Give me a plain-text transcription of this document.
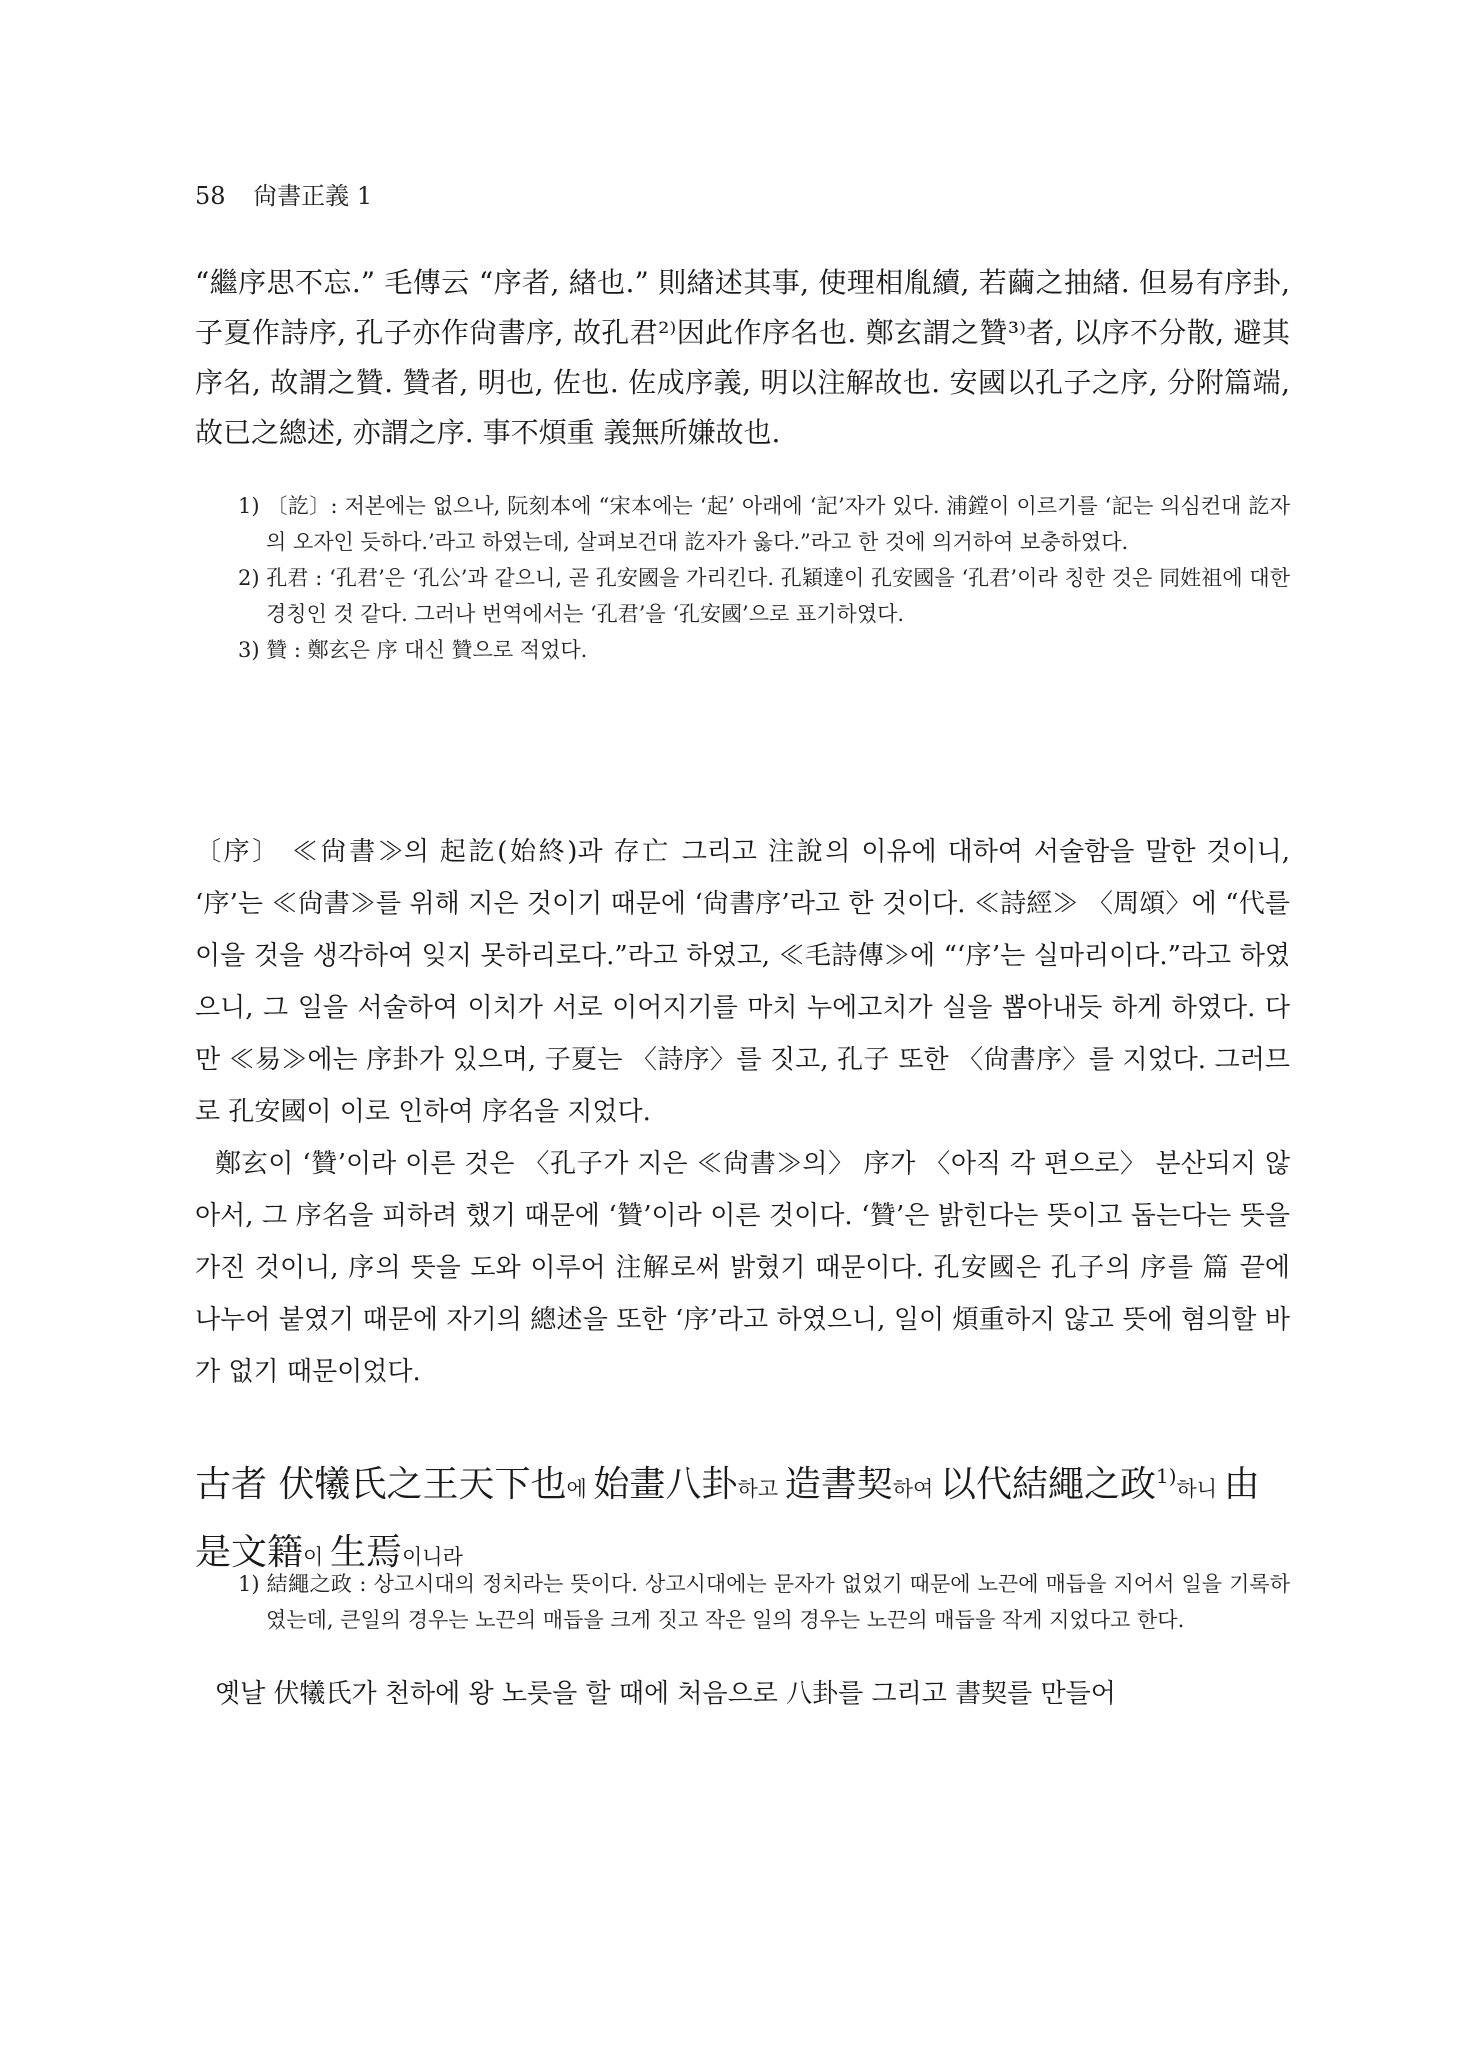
58 尙書正義 1
“繼序思不忘.” 毛傳云 “序者, 緖也.” 則緖述其事, 使理相胤續, 若繭之抽緖. 但易有序卦, 子夏作詩序, 孔子亦作尙書序, 故孔君²⁾因此作序名也. 鄭玄謂之贊³⁾者, 以序不分散, 避其序名, 故謂之贊. 贊者, 明也, 佐也. 佐成序義, 明以注解故也. 安國以孔子之序, 分附篇端, 故已之總述, 亦謂之序. 事不煩重 義無所嫌故也.

1) 〔訖〕: 저본에는 없으나, 阮刻本에 “宋本에는 ‘起’ 아래에 ‘記’자가 있다. 浦鏜이 이르기를 ‘記는 의심컨대 訖자의 오자인 듯하다.’라고 하였는데, 살펴보건대 訖자가 옳다.”라고 한 것에 의거하여 보충하였다.

2) 孔君 : ‘孔君’은 ‘孔公’과 같으니, 곧 孔安國을 가리킨다. 孔穎達이 孔安國을 ‘孔君’이라 칭한 것은 同姓祖에 대한 경칭인 것 같다. 그러나 번역에서는 ‘孔君’을 ‘孔安國’으로 표기하였다.

3) 贊 : 鄭玄은 序 대신 贊으로 적었다.

〔序〕 ≪尙書≫의 起訖(始終)과 存亡 그리고 注說의 이유에 대하여 서술함을 말한 것이니, ‘序’는 ≪尙書≫를 위해 지은 것이기 때문에 ‘尙書序’라고 한 것이다. ≪詩經≫ 〈周頌〉에 “代를 이을 것을 생각하여 잊지 못하리로다.”라고 하였고, ≪毛詩傳≫에 “‘序’는 실마리이다.”라고 하였으니, 그 일을 서술하여 이치가 서로 이어지기를 마치 누에고치가 실을 뽑아내듯 하게 하였다. 다만 ≪易≫에는 序卦가 있으며, 子夏는 〈詩序〉를 짓고, 孔子 또한 〈尙書序〉를 지었다. 그러므로 孔安國이 이로 인하여 序名을 지었다.

鄭玄이 ‘贊’이라 이른 것은 〈孔子가 지은 ≪尙書≫의〉 序가 〈아직 각 편으로〉 분산되지 않아서, 그 序名을 피하려 했기 때문에 ‘贊’이라 이른 것이다. ‘贊’은 밝힌다는 뜻이고 돕는다는 뜻을 가진 것이니, 序의 뜻을 도와 이루어 注解로써 밝혔기 때문이다. 孔安國은 孔子의 序를 篇 끝에 나누어 붙였기 때문에 자기의 總述을 또한 ‘序’라고 하였으니, 일이 煩重하지 않고 뜻에 혐의할 바가 없기 때문이었다.

古者 伏犧氏之王天下也에 始畫八卦하고 造書契하여 以代結繩之政$^{1)}$하니 由是文籍이 生焉이니라

1) 結繩之政 : 상고시대의 정치라는 뜻이다. 상고시대에는 문자가 없었기 때문에 노끈에 매듭을 지어서 일을 기록하였는데, 큰일의 경우는 노끈의 매듭을 크게 짓고 작은 일의 경우는 노끈의 매듭을 작게 지었다고 한다.

옛날 伏犧氏가 천하에 왕 노릇을 할 때에 처음으로 八卦를 그리고 書契를 만들어
